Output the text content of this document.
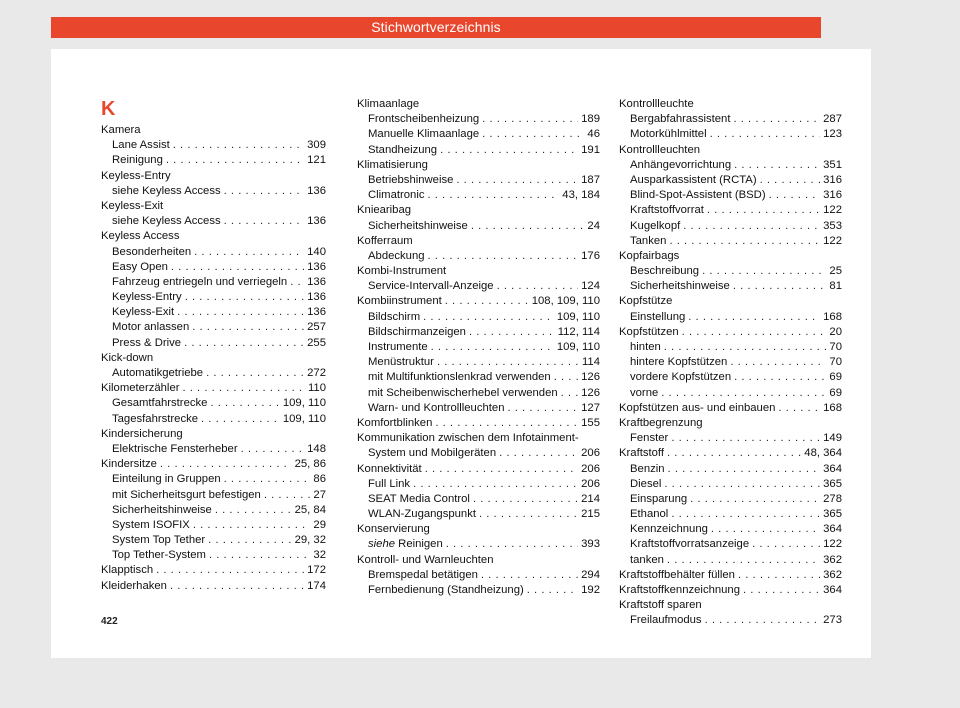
Stichwortverzeichnis
K
Kamera
Lane Assist . . .	309
Reinigung . . .	121
Keyless-Entry
siehe Keyless Access . . .	136
Keyless-Exit
siehe Keyless Access . . .	136
Keyless Access
Besonderheiten . . .	140
Easy Open . . .	136
Fahrzeug entriegeln und verriegeln . . . 136
Keyless-Entry . . .	136
Keyless-Exit . . .	136
Motor anlassen . . .	257
Press & Drive . . .	255
Kick-down
Automatikgetriebe . . .	272
Kilometerzähler . . .	110
Gesamtfahrstrecke . . .	109, 110
Tagesfahrstrecke . . .	109, 110
Kindersicherung
Elektrische Fensterheber . . .	148
Kindersitze . . .	25, 86
Einteilung in Gruppen . . .	86
mit Sicherheitsgurt befestigen . . .	27
Sicherheitshinweise . . .	25, 84
System ISOFIX . . .	29
System Top Tether . . .	29, 32
Top Tether-System . . .	32
Klapptisch . . .	172
Kleiderhaken . . .	174
Klimaanlage
Frontscheibenheizung . . .	189
Manuelle Klimaanlage . . .	46
Standheizung . . .	191
Klimatisierung
Betriebshinweise . . .	187
Climatronic . . .	43, 184
Kniearibag
Sicherheitshinweise . . .	24
Kofferraum
Abdeckung . . .	176
Kombi-Instrument
Service-Intervall-Anzeige . . .	124
Kombiinstrument . . .	108, 109, 110
Bildschirm . . .	109, 110
Bildschirmanzeigen . . .	112, 114
Instrumente . . .	109, 110
Menüstruktur . . .	114
mit Multifunktionslenkrad verwenden . . .	126
mit Scheibenwischerhebel verwenden . . . 126
Warn- und Kontrollleuchten . . .	127
Komfortblinken . . .	155
Kommunikation zwischen dem Infotainment-
System und Mobilgeräten . . .	206
Konnektivität . . .	206
Full Link . . .	206
SEAT Media Control . . .	214
WLAN-Zugangspunkt . . .	215
Konservierung
siehe Reinigen . . .	393
Kontroll- und Warnleuchten
Bremspedal betätigen . . .	294
Fernbedienung (Standheizung) . . .	192
Kontrollleuchte
Bergabfahrassistent . . .	287
Motorkühlmittel . . .	123
Kontrollleuchten
Anhängevorrichtung . . .	351
Ausparkassistent (RCTA) . . .	316
Blind-Spot-Assistent (BSD) . . .	316
Kraftstoffvorrat . . .	122
Kugelkopf . . .	353
Tanken . . .	122
Kopfairbags
Beschreibung . . .	25
Sicherheitshinweise . . .	81
Kopfstütze
Einstellung . . .	168
Kopfstützen . . .	20
hinten . . .	70
hintere Kopfstützen . . .	70
vordere Kopfstützen . . .	69
vorne . . .	69
Kopfstützen aus- und einbauen . . .	168
Kraftbegrenzung
Fenster . . .	149
Kraftstoff . . .	48, 364
Benzin . . .	364
Diesel . . .	365
Einsparung . . .	278
Ethanol . . .	365
Kennzeichnung . . .	364
Kraftstoffvorratsanzeige . . .	122
tanken . . .	362
Kraftstoffbehälter füllen . . .	362
Kraftstoffkennzeichnung . . .	364
Kraftstoff sparen
Freilaufmodus . . .	273
422
